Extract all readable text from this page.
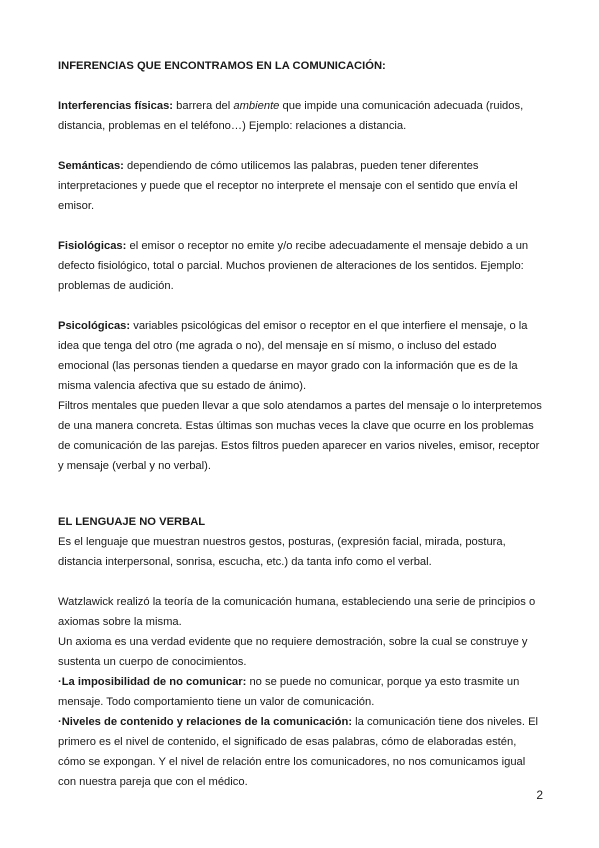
INFERENCIAS QUE ENCONTRAMOS EN LA COMUNICACIÓN:

Interferencias físicas: barrera del ambiente que impide una comunicación adecuada (ruidos, distancia, problemas en el teléfono…) Ejemplo: relaciones a distancia.

Semánticas: dependiendo de cómo utilicemos las palabras, pueden tener diferentes interpretaciones y puede que el receptor no interprete el mensaje con el sentido que envía el emisor.

Fisiológicas: el emisor o receptor no emite y/o recibe adecuadamente el mensaje debido a un defecto fisiológico, total o parcial. Muchos provienen de alteraciones de los sentidos. Ejemplo: problemas de audición.

Psicológicas: variables psicológicas del emisor o receptor en el que interfiere el mensaje, o la idea que tenga del otro (me agrada o no), del mensaje en sí mismo, o incluso del estado emocional (las personas tienden a quedarse en mayor grado con la información que es de la misma valencia afectiva que su estado de ánimo).

Filtros mentales que pueden llevar a que solo atendamos a partes del mensaje o lo interpretemos de una manera concreta. Estas últimas son muchas veces la clave que ocurre en los problemas de comunicación de las parejas. Estos filtros pueden aparecer en varios niveles, emisor, receptor y mensaje (verbal y no verbal).

EL LENGUAJE NO VERBAL

Es el lenguaje que muestran nuestros gestos, posturas, (expresión facial, mirada, postura, distancia interpersonal, sonrisa, escucha, etc.) da tanta info como el verbal.

Watzlawick realizó la teoría de la comunicación humana, estableciendo una serie de principios o axiomas sobre la misma.

Un axioma es una verdad evidente que no requiere demostración, sobre la cual se construye y sustenta un cuerpo de conocimientos.

·La imposibilidad de no comunicar: no se puede no comunicar, porque ya esto trasmite un mensaje. Todo comportamiento tiene un valor de comunicación.

·Niveles de contenido y relaciones de la comunicación: la comunicación tiene dos niveles. El primero es el nivel de contenido, el significado de esas palabras, cómo de elaboradas estén, cómo se expongan. Y el nivel de relación entre los comunicadores, no nos comunicamos igual con nuestra pareja que con el médico.

2
